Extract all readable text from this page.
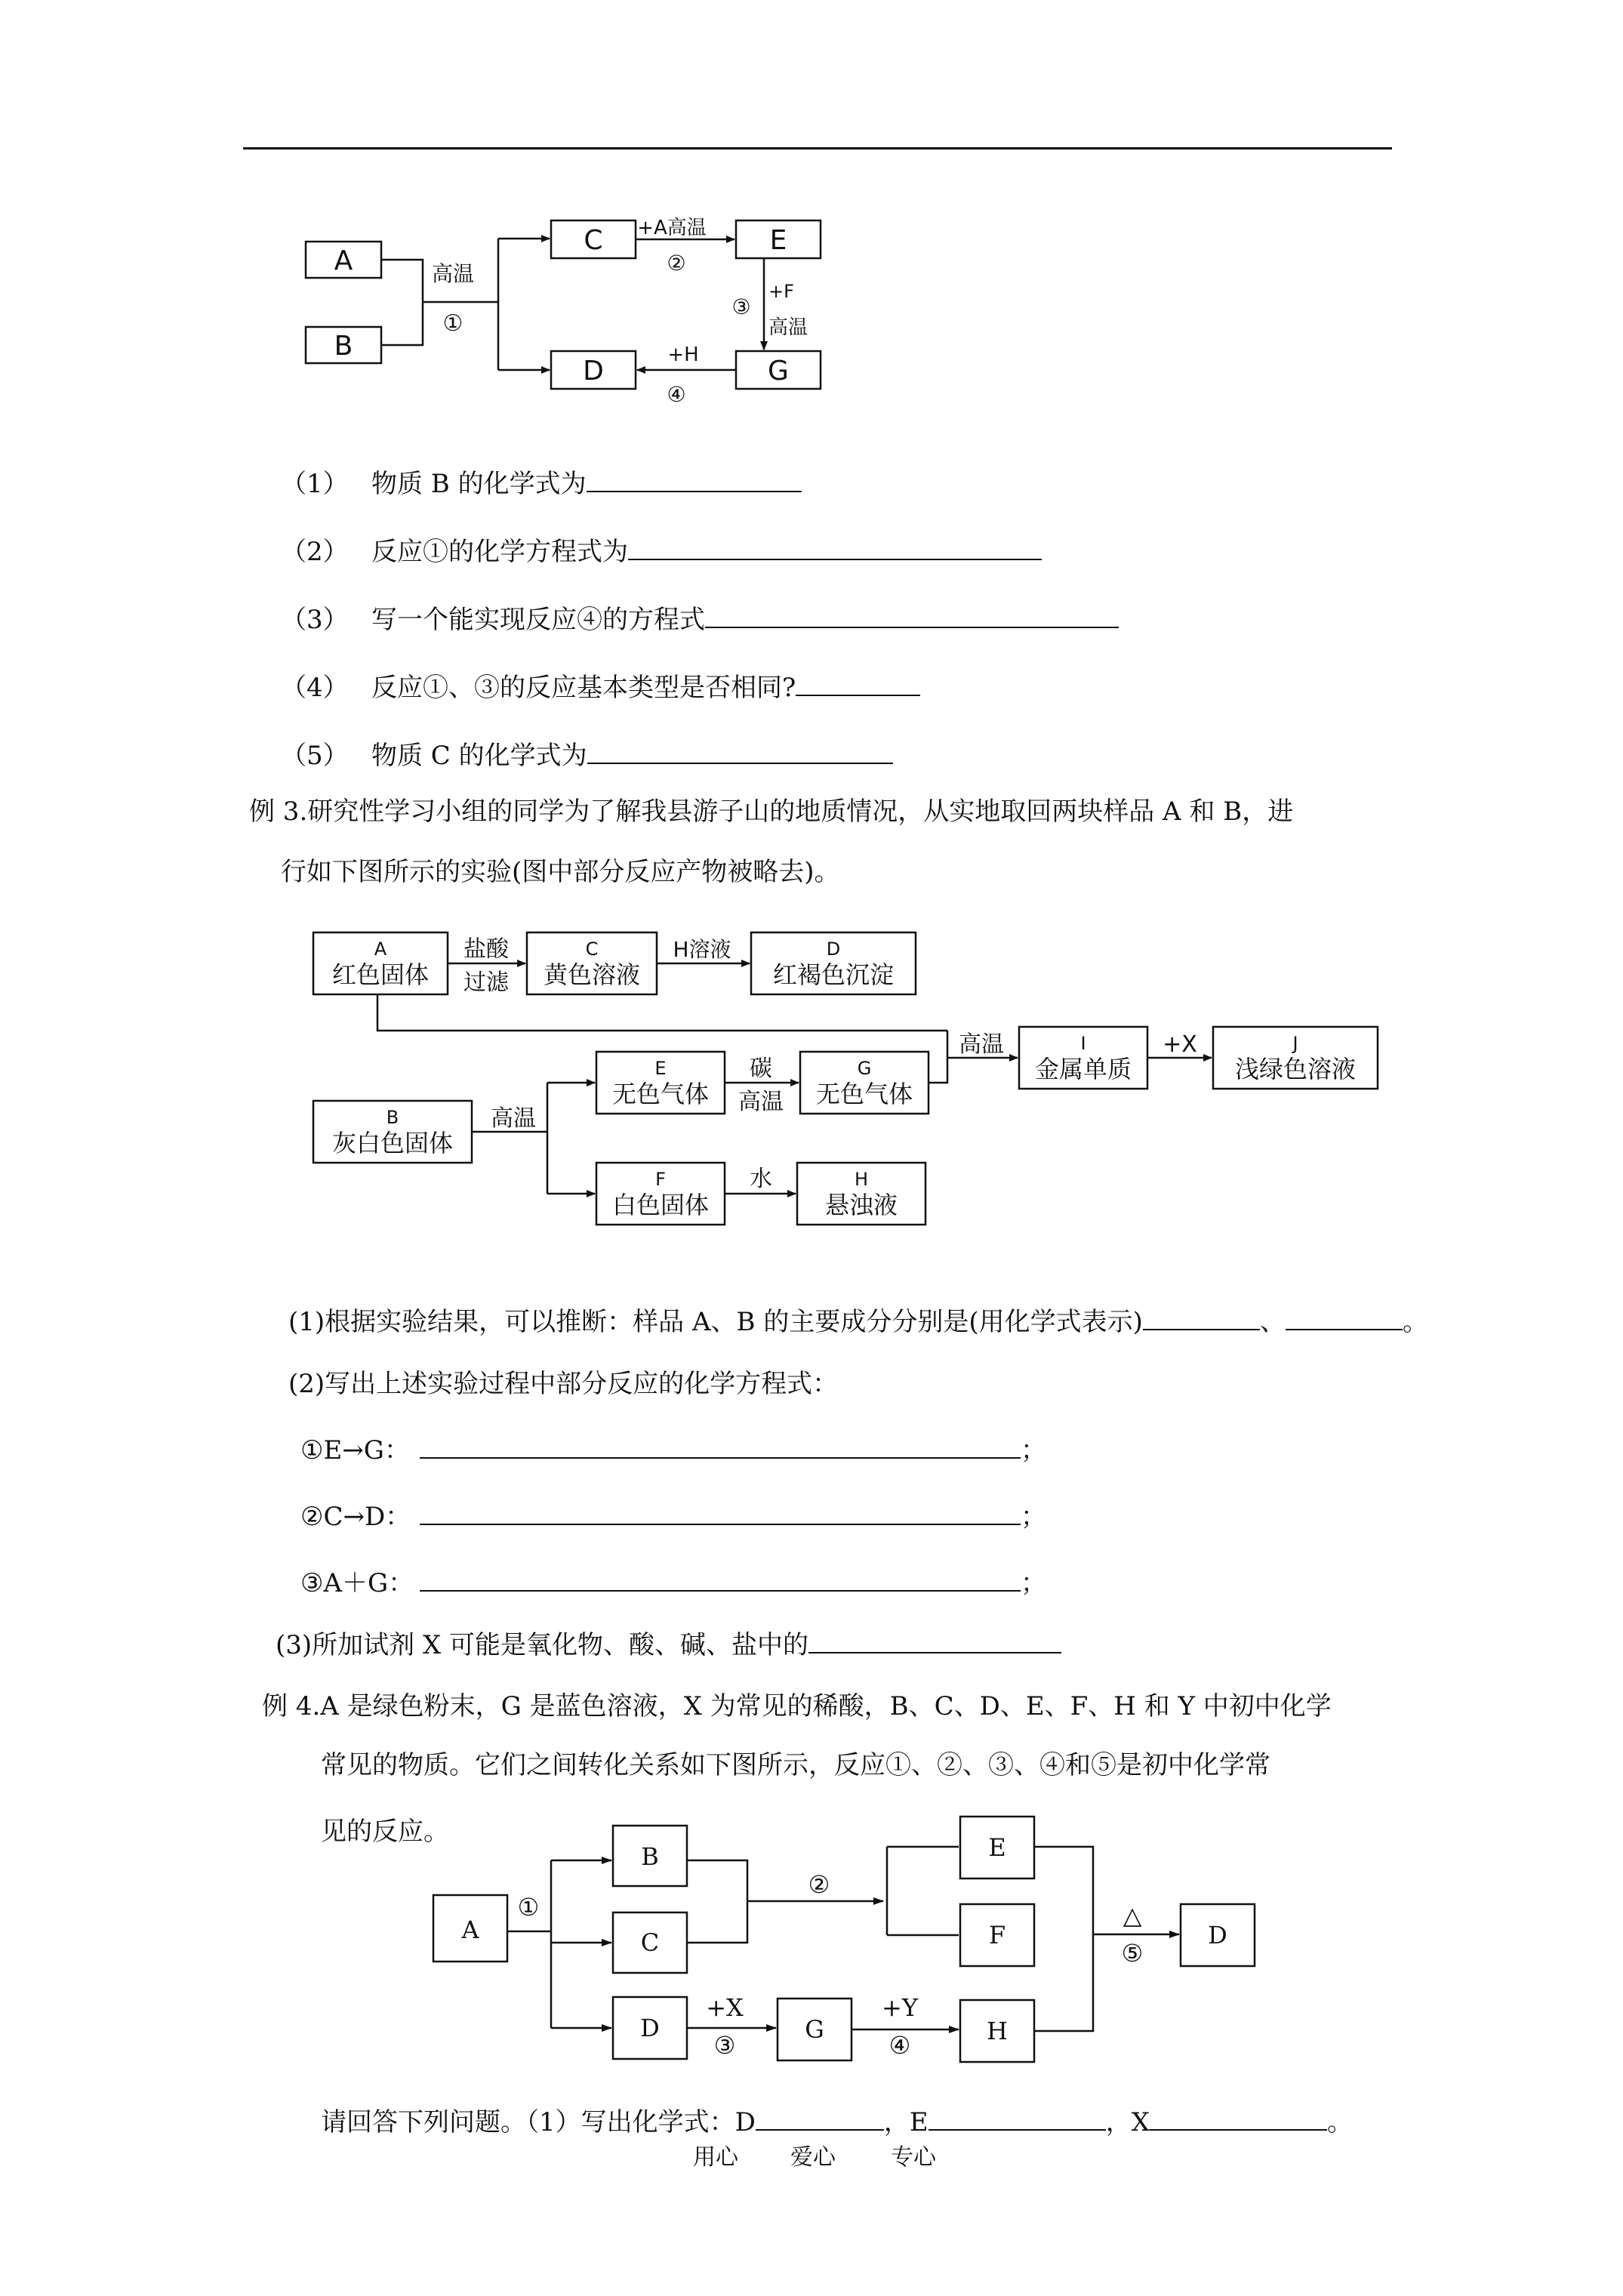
A
B
C	E
D	G
高温
①
+A高温
②
③
+F
高温
+H
④
（1） 物质 B 的化学式为
（2） 反应①的化学方程式为
（3） 写一个能实现反应④的方程式
（4） 反应①、③的反应基本类型是否相同?
（5） 物质 C 的化学式为
例 3.研究性学习小组的同学为了解我县游子山的地质情况，从实地取回两块样品 A 和 B，进
行如下图所示的实验(图中部分反应产物被略去)。
A
红色固体
C
黄色溶液
D
红褐色沉淀
I
金属单质
J
浅绿色溶液
B
灰白色固体
E
无色气体
G
无色气体
F
白色固体
H
悬浊液
盐酸
过滤
H溶液
高温	+X
高温
碳
高温
水
(1)根据实验结果，可以推断：样品 A、B 的主要成分分别是(用化学式表示)	、	。
(2)写出上述实验过程中部分反应的化学方程式：
①E→G：	；
②C→D：	；
③A＋G：	；
(3)所加试剂 X 可能是氧化物、酸、碱、盐中的
例 4.A 是绿色粉末，G 是蓝色溶液，X 为常见的稀酸，B、C、D、E、F、H 和 Y 中初中化学
常见的物质。它们之间转化关系如下图所示，反应①、②、③、④和⑤是初中化学常
见的反应。
A
B
C
D	G
E
F
H
D
①
②
+X
③
+Y
④
△
⑤
请回答下列问题。（1）写出化学式：D	，E	，X	。
用心 爱心 专心
